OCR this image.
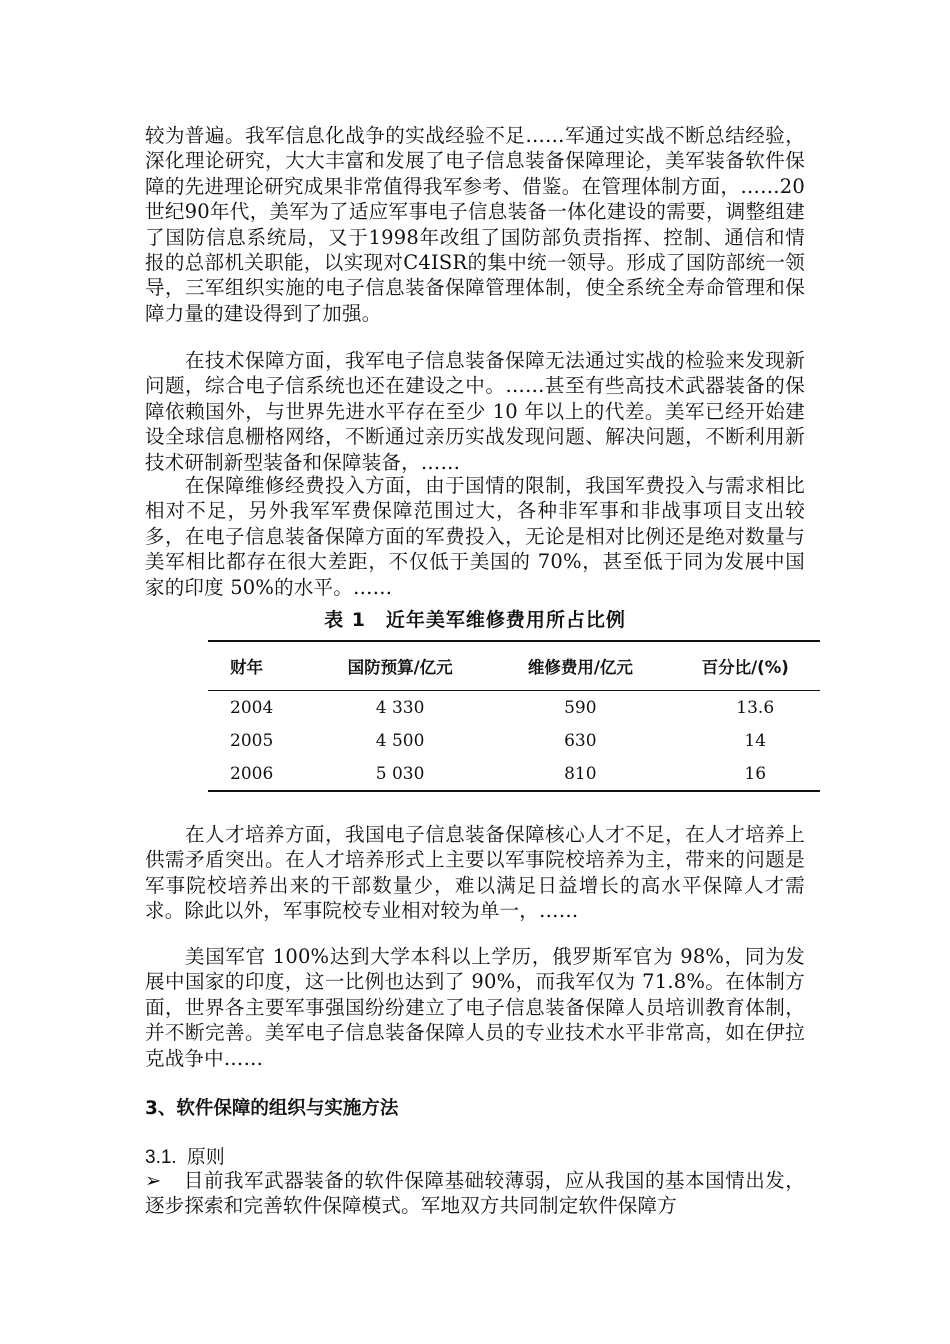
较为普遍。我军信息化战争的实战经验不足……军通过实战不断总结经验，深化理论研究，大大丰富和发展了电子信息装备保障理论，美军装备软件保障的先进理论研究成果非常值得我军参考、借鉴。在管理体制方面，……20世纪90年代，美军为了适应军事电子信息装备一体化建设的需要，调整组建了国防信息系统局，又于1998年改组了国防部负责指挥、控制、通信和情报的总部机关职能，以实现对C4ISR的集中统一领导。形成了国防部统一领导，三军组织实施的电子信息装备保障管理体制，使全系统全寿命管理和保障力量的建设得到了加强。

在技术保障方面，我军电子信息装备保障无法通过实战的检验来发现新问题，综合电子信系统也还在建设之中。……甚至有些高技术武器装备的保障依赖国外，与世界先进水平存在至少 10 年以上的代差。美军已经开始建设全球信息栅格网络，不断通过亲历实战发现问题、解决问题，不断利用新技术研制新型装备和保障装备，……

在保障维修经费投入方面，由于国情的限制，我国军费投入与需求相比相对不足，另外我军军费保障范围过大，各种非军事和非战事项目支出较多，在电子信息装备保障方面的军费投入，无论是相对比例还是绝对数量与美军相比都存在很大差距，不仅低于美国的 70%，甚至低于同为发展中国家的印度 50%的水平。……

表 1　近年美军维修费用所占比例
财年	国防预算/亿元	维修费用/亿元	百分比/(%)
2004	4 330	590	13.6
2005	4 500	630	14
2006	5 030	810	16

在人才培养方面，我国电子信息装备保障核心人才不足，在人才培养上供需矛盾突出。在人才培养形式上主要以军事院校培养为主，带来的问题是军事院校培养出来的干部数量少，难以满足日益增长的高水平保障人才需求。除此以外，军事院校专业相对较为单一，……

美国军官 100%达到大学本科以上学历，俄罗斯军官为 98%，同为发展中国家的印度，这一比例也达到了 90%，而我军仅为 71.8%。在体制方面，世界各主要军事强国纷纷建立了电子信息装备保障人员培训教育体制，并不断完善。美军电子信息装备保障人员的专业技术水平非常高，如在伊拉克战争中……

3、软件保障的组织与实施方法
3.1. 原则

➢ 目前我军武器装备的软件保障基础较薄弱，应从我国的基本国情出发，逐步探索和完善软件保障模式。军地双方共同制定软件保障方
